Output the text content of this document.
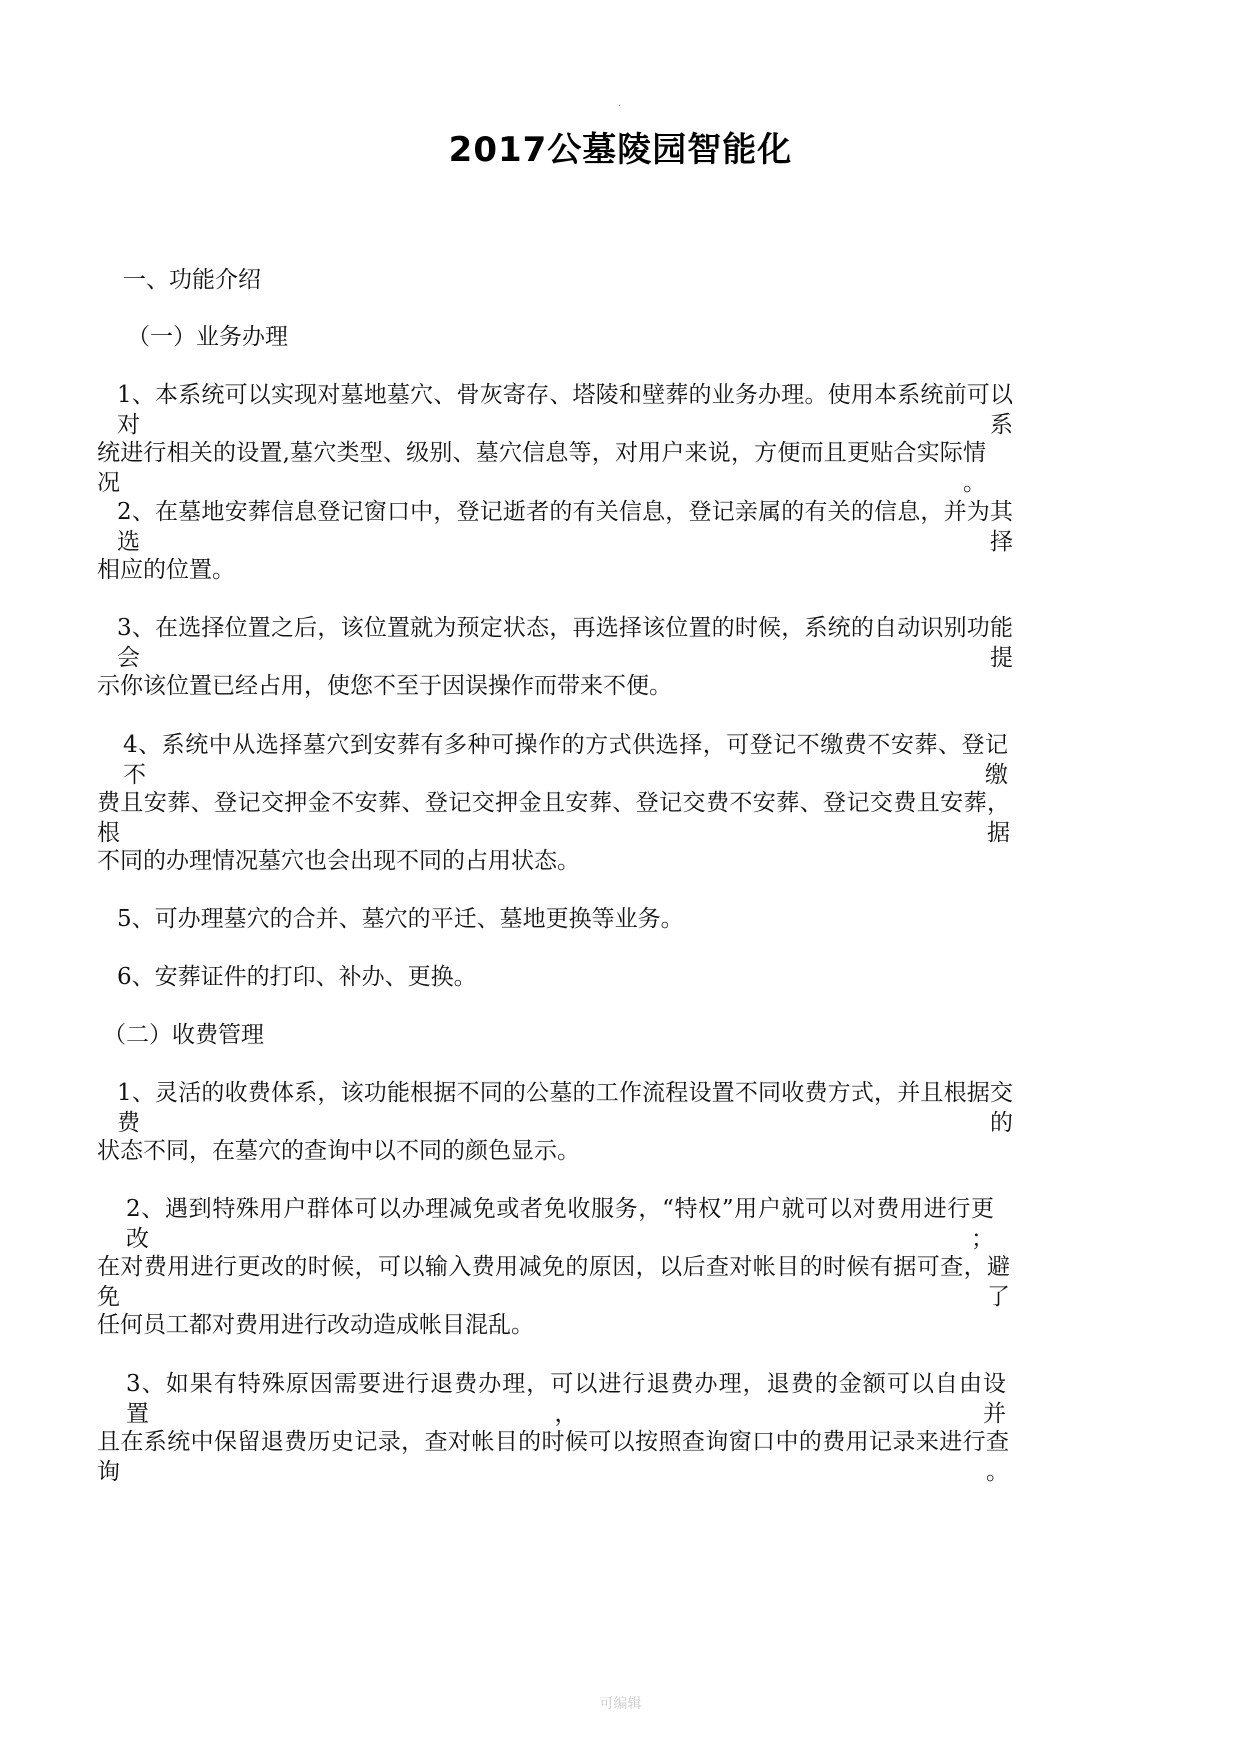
.
2017公墓陵园智能化
一、功能介绍
（一）业务办理
1、本系统可以实现对墓地墓穴、骨灰寄存、塔陵和壁葬的业务办理。使用本系统前可以对系
统进行相关的设置,墓穴类型、级别、墓穴信息等，对用户来说，方便而且更贴合实际情况。
2、在墓地安葬信息登记窗口中，登记逝者的有关信息，登记亲属的有关的信息，并为其选择
相应的位置。
3、在选择位置之后，该位置就为预定状态，再选择该位置的时候，系统的自动识别功能会提
示你该位置已经占用，使您不至于因误操作而带来不便。
4、系统中从选择墓穴到安葬有多种可操作的方式供选择，可登记不缴费不安葬、登记不缴
费且安葬、登记交押金不安葬、登记交押金且安葬、登记交费不安葬、登记交费且安葬，根据
不同的办理情况墓穴也会出现不同的占用状态。
5、可办理墓穴的合并、墓穴的平迁、墓地更换等业务。
6、安葬证件的打印、补办、更换。
（二）收费管理
1、灵活的收费体系，该功能根据不同的公墓的工作流程设置不同收费方式，并且根据交费的
状态不同，在墓穴的查询中以不同的颜色显示。
2、遇到特殊用户群体可以办理减免或者免收服务，“特权”用户就可以对费用进行更改；
在对费用进行更改的时候，可以输入费用减免的原因，以后查对帐目的时候有据可查，避免了
任何员工都对费用进行改动造成帐目混乱。
3、如果有特殊原因需要进行退费办理，可以进行退费办理，退费的金额可以自由设置，并
且在系统中保留退费历史记录，查对帐目的时候可以按照查询窗口中的费用记录来进行查询。
可编辑
